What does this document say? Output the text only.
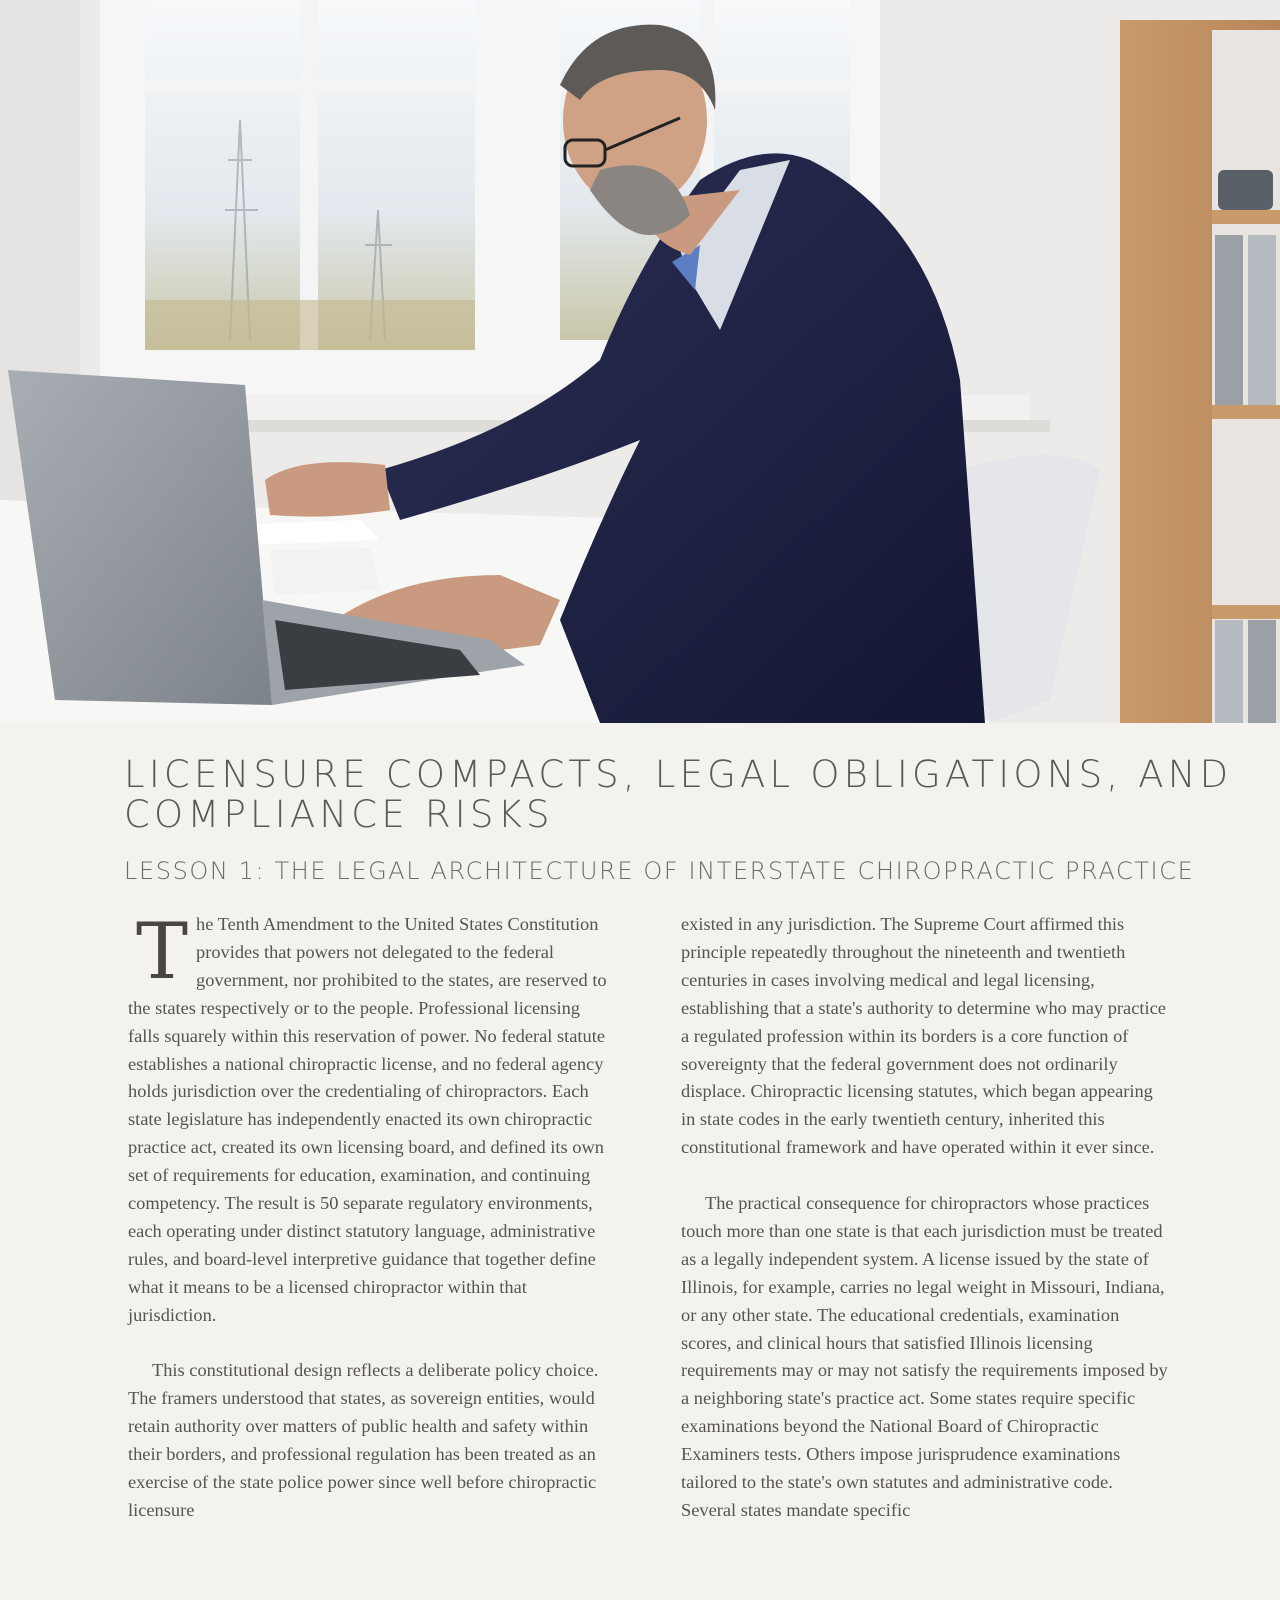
LICENSURE COMPACTS, LEGAL OBLIGATIONS, AND COMPLIANCE RISKS
LESSON 1: THE LEGAL ARCHITECTURE OF INTERSTATE CHIROPRACTIC PRACTICE

The Tenth Amendment to the United States Constitution provides that powers not delegated to the federal government, nor prohibited to the states, are reserved to the states respectively or to the people. Professional licensing falls squarely within this reservation of power. No federal statute establishes a national chiropractic license, and no federal agency holds jurisdiction over the credentialing of chiropractors. Each state legislature has independently enacted its own chiropractic practice act, created its own licensing board, and defined its own set of requirements for education, examination, and continuing competency. The result is 50 separate regulatory environments, each operating under distinct statutory language, administrative rules, and board-level interpretive guidance that together define what it means to be a licensed chiropractor within that jurisdiction.

This constitutional design reflects a deliberate policy choice. The framers understood that states, as sovereign entities, would retain authority over matters of public health and safety within their borders, and professional regulation has been treated as an exercise of the state police power since well before chiropractic licensure

existed in any jurisdiction. The Supreme Court affirmed this principle repeatedly throughout the nineteenth and twentieth centuries in cases involving medical and legal licensing, establishing that a state's authority to determine who may practice a regulated profession within its borders is a core function of sovereignty that the federal government does not ordinarily displace. Chiropractic licensing statutes, which began appearing in state codes in the early twentieth century, inherited this constitutional framework and have operated within it ever since.

The practical consequence for chiropractors whose practices touch more than one state is that each jurisdiction must be treated as a legally independent system. A license issued by the state of Illinois, for example, carries no legal weight in Missouri, Indiana, or any other state. The educational credentials, examination scores, and clinical hours that satisfied Illinois licensing requirements may or may not satisfy the requirements imposed by a neighboring state's practice act. Some states require specific examinations beyond the National Board of Chiropractic Examiners tests. Others impose jurisprudence examinations tailored to the state's own statutes and administrative code. Several states mandate specific
